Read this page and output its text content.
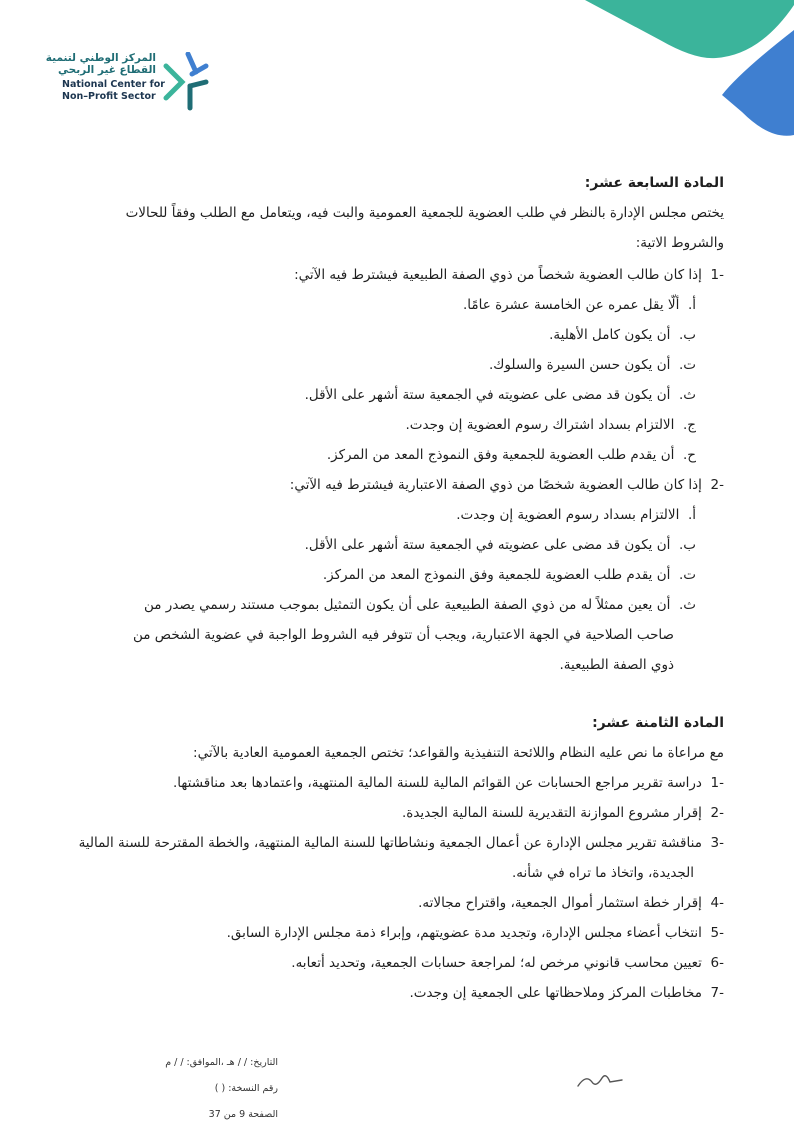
المركز الوطني لتنمية
القطاع غير الربحي
National Center for
Non–Profit Sector
المادة السابعة عشر:
يختص مجلس الإدارة بالنظر في طلب العضوية للجمعية العمومية والبت فيه، ويتعامل مع الطلب وفقاً للحالات
والشروط الاتية:
-1  إذا كان طالب العضوية شخصاً من ذوي الصفة الطبيعية فيشترط فيه الآتي:
أ.  ألّا يقل عمره عن الخامسة عشرة عامًا.
ب.  أن يكون كامل الأهلية.
ت.  أن يكون حسن السيرة والسلوك.
ث.  أن يكون قد مضى على عضويته في الجمعية ستة أشهر على الأقل.
ج.  الالتزام بسداد اشتراك رسوم العضوية إن وجدت.
ح.  أن يقدم طلب العضوية للجمعية وفق النموذج المعد من المركز.
-2  إذا كان طالب العضوية شخصًا من ذوي الصفة الاعتبارية فيشترط فيه الآتي:
أ.  الالتزام بسداد رسوم العضوية إن وجدت.
ب.  أن يكون قد مضى على عضويته في الجمعية ستة أشهر على الأقل.
ت.  أن يقدم طلب العضوية للجمعية وفق النموذج المعد من المركز.
ث.  أن يعين ممثلاً له من ذوي الصفة الطبيعية على أن يكون التمثيل بموجب مستند رسمي يصدر من
صاحب الصلاحية في الجهة الاعتبارية، ويجب أن تتوفر فيه الشروط الواجبة في عضوية الشخص من
ذوي الصفة الطبيعية.
المادة الثامنة عشر:
مع مراعاة ما نص عليه النظام واللائحة التنفيذية والقواعد؛ تختص الجمعية العمومية العادية بالآتي:
-1  دراسة تقرير مراجع الحسابات عن القوائم المالية للسنة المالية المنتهية، واعتمادها بعد مناقشتها.
-2  إقرار مشروع الموازنة التقديرية للسنة المالية الجديدة.
-3  مناقشة تقرير مجلس الإدارة عن أعمال الجمعية ونشاطاتها للسنة المالية المنتهية، والخطة المقترحة للسنة المالية
الجديدة، واتخاذ ما تراه في شأنه.
-4  إقرار خطة استثمار أموال الجمعية، واقتراح مجالاته.
-5  انتخاب أعضاء مجلس الإدارة، وتجديد مدة عضويتهم، وإبراء ذمة مجلس الإدارة السابق.
-6  تعيين محاسب قانوني مرخص له؛ لمراجعة حسابات الجمعية، وتحديد أتعابه.
-7  مخاطبات المركز وملاحظاتها على الجمعية إن وجدت.
التاريخ: / / هـ ،الموافق: / / م
رقم النسخة: ( )
الصفحة 9 من 37
